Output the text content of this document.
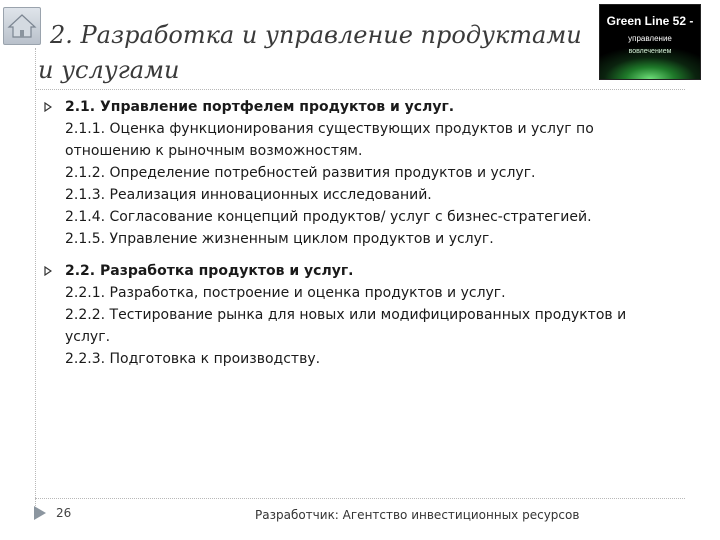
2. Разработка и управление продуктами
и услугами
Green Line 52 -
управление
вовлечением
2.1. Управление портфелем продуктов и услуг.
2.1.1. Оценка функционирования существующих продуктов и услуг по отношению к рыночным возможностям.
2.1.2. Определение потребностей развития продуктов и услуг.
2.1.3. Реализация инновационных исследований.
2.1.4. Согласование концепций продуктов/ услуг с бизнес-стратегией.
2.1.5. Управление жизненным циклом продуктов и услуг.
2.2. Разработка продуктов и услуг.
2.2.1. Разработка, построение и оценка продуктов и услуг.
2.2.2. Тестирование рынка для новых или модифицированных продуктов и услуг.
2.2.3. Подготовка к производству.
26	Разработчик: Агентство инвестиционных ресурсов
